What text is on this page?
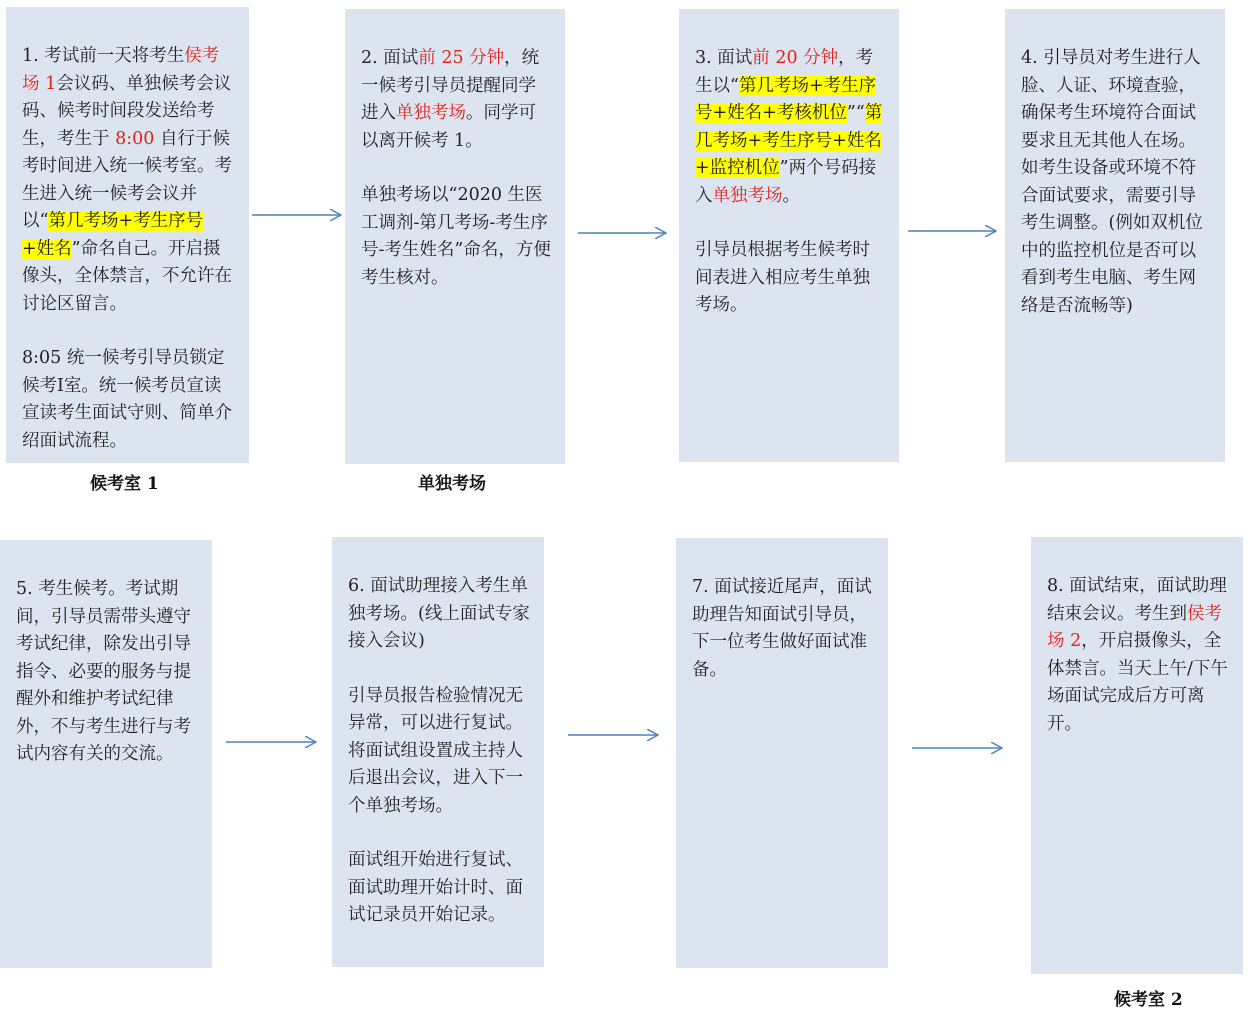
1. 考试前一天将考生侯考场 1会议码、单独候考会议码、候考时间段发送给考生，考生于 8:00 自行于候考时间进入统一候考室。考生进入统一候考会议并以“第几考场+考生序号+姓名”命名自己。开启摄像头，全体禁言，不允许在讨论区留言。

8:05 统一候考引导员锁定候考Ⅰ室。统一候考员宣读宣读考生面试守则、简单介绍面试流程。

2. 面试前 25 分钟，统一候考引导员提醒同学进入单独考场。同学可以离开候考 1。

单独考场以“2020 生医工调剂-第几考场-考生序号-考生姓名”命名，方便考生核对。

3. 面试前 20 分钟，考生以“第几考场+考生序号+姓名+考核机位”“第几考场+考生序号+姓名+监控机位”两个号码接入单独考场。

引导员根据考生候考时间表进入相应考生单独考场。

4. 引导员对考生进行人脸、人证、环境查验，确保考生环境符合面试要求且无其他人在场。如考生设备或环境不符合面试要求，需要引导考生调整。(例如双机位中的监控机位是否可以看到考生电脑、考生网络是否流畅等)

候考室 1	单独考场

5. 考生候考。考试期间，引导员需带头遵守考试纪律，除发出引导指令、必要的服务与提醒外和维护考试纪律外，不与考生进行与考试内容有关的交流。

6. 面试助理接入考生单独考场。(线上面试专家接入会议)

引导员报告检验情况无异常，可以进行复试。将面试组设置成主持人后退出会议，进入下一个单独考场。

面试组开始进行复试、面试助理开始计时、面试记录员开始记录。

7. 面试接近尾声，面试助理告知面试引导员，下一位考生做好面试准备。

8. 面试结束，面试助理结束会议。考生到侯考场 2，开启摄像头，全体禁言。当天上午/下午场面试完成后方可离开。

候考室 2
